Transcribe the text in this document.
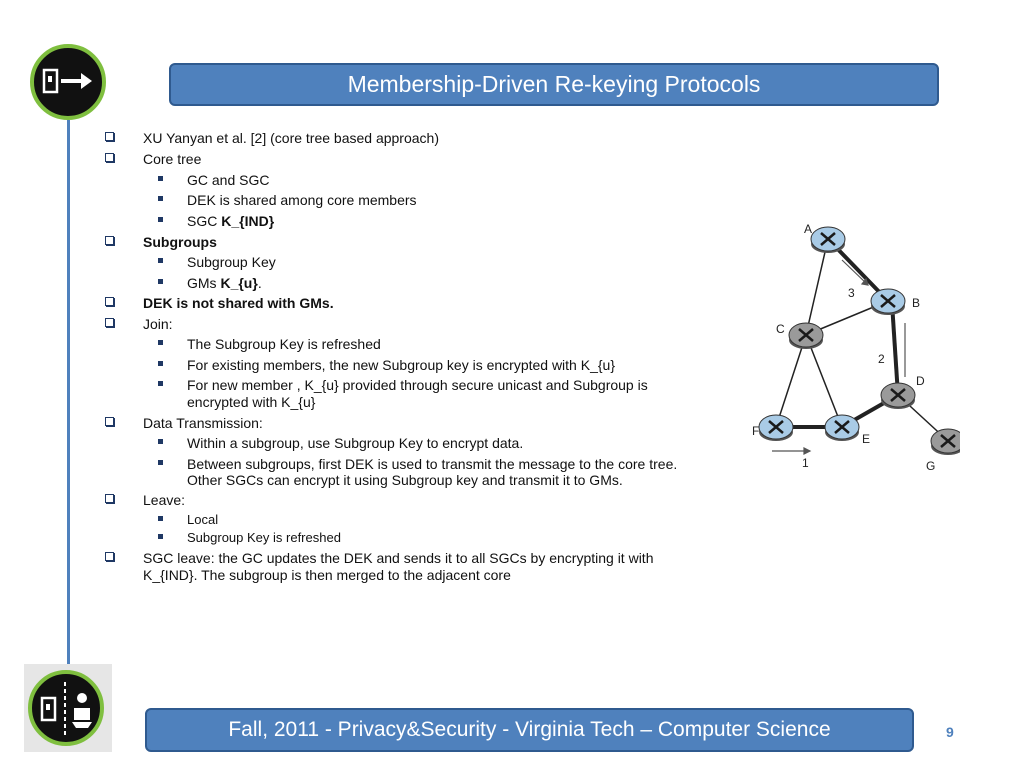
Membership-Driven Re-keying Protocols
XU Yanyan et al. [2] (core tree based approach)
Core tree
GC and SGC
DEK is shared among core members
SGC K_{IND}
Subgroups
Subgroup Key
GMs K_{u}.
DEK is not shared with GMs.
Join:
The Subgroup Key is refreshed
For existing members, the new Subgroup key is encrypted with K_{u}
For new member , K_{u} provided through secure unicast and Subgroup is
encrypted with K_{u}
Data Transmission:
Within a subgroup, use Subgroup Key to encrypt data.
Between subgroups, first DEK is used to transmit the message to the core tree.
Other SGCs can encrypt it using Subgroup key and transmit it to GMs.
Leave:
Local
Subgroup Key is refreshed
SGC leave: the GC updates the DEK and sends it to all SGCs by encrypting it with
K_{IND}. The subgroup is then merged to the adjacent core
A
B
C
D
E
F
G
3
2
1
Fall, 2011 - Privacy&Security - Virginia Tech – Computer Science	9
